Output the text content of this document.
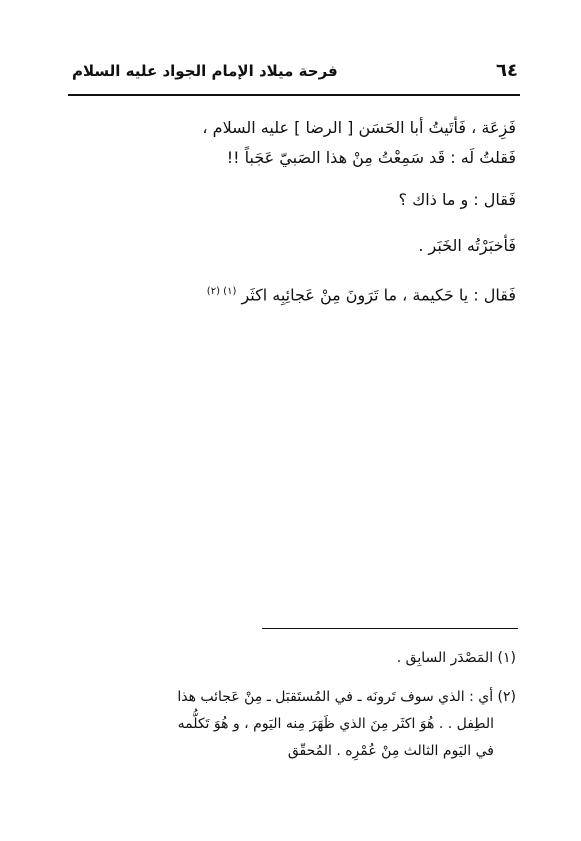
فرحة ميلاد الإمام الجواد عليه السلام	٦٤

فَزِعَة ، فَأتَيتُ أبا الحَسَن [ الرضا ] عليه السلام ،
فَقلتُ لَه : قَد سَمِعْتُ مِنْ هذا الصَبيّ عَجَباً !!

فَقال : و ما ذاك ؟

فَأخبَرْتُه الخَبَر .

فَقال : يا حَكيمة ، ما تَرَونَ مِنْ عَجائِبِه اكثَر $^{(١) (٢)}$

(١) المَصْدَر السابِق .

(٢) أي : الذي سوف تَرونَه ـ في المُستَقبَل ـ مِنْ عَجائب هذا
الطِفل . . هُوَ اكثَر مِنَ الذي ظَهَرَ مِنه اليَوم ، و هُوَ تَكلُّمه
في اليَوم الثالث مِنْ عُمْرِه . المُحقّق
